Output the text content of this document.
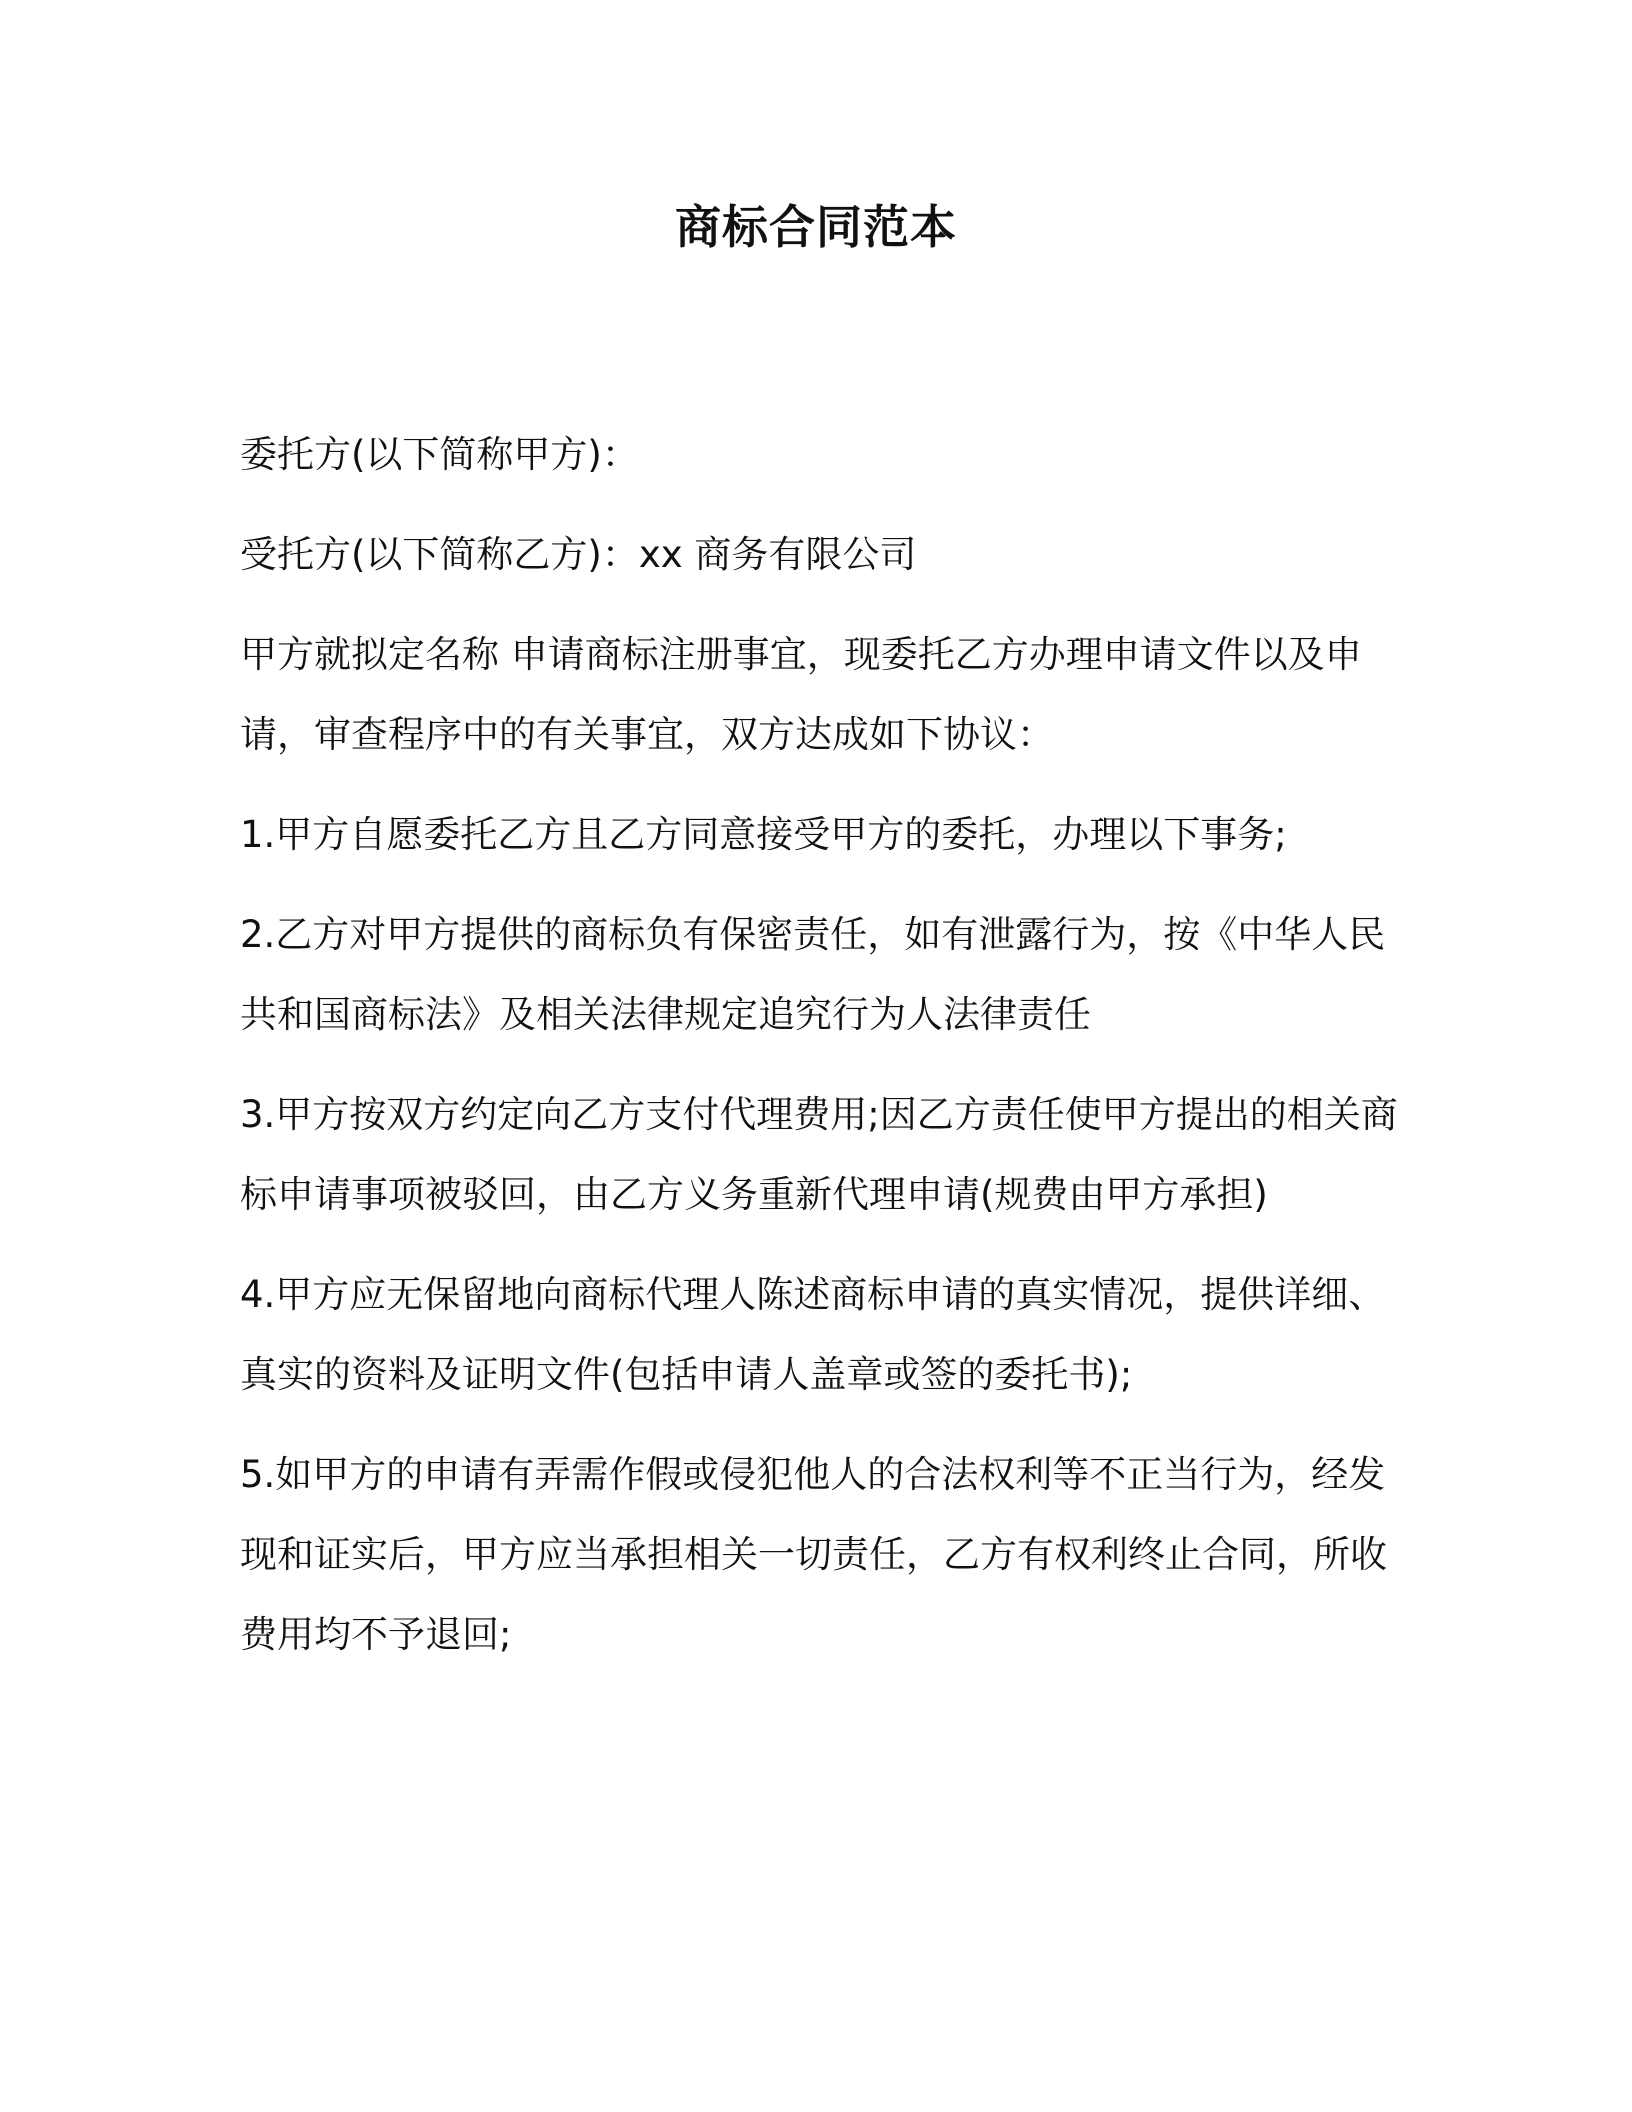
商标合同范本

委托方(以下简称甲方)：

受托方(以下简称乙方)：xx 商务有限公司

甲方就拟定名称 申请商标注册事宜，现委托乙方办理申请文件以及申请，审查程序中的有关事宜，双方达成如下协议：

1.甲方自愿委托乙方且乙方同意接受甲方的委托，办理以下事务;

2.乙方对甲方提供的商标负有保密责任，如有泄露行为，按《中华人民共和国商标法》及相关法律规定追究行为人法律责任

3.甲方按双方约定向乙方支付代理费用;因乙方责任使甲方提出的相关商标申请事项被驳回，由乙方义务重新代理申请(规费由甲方承担)

4.甲方应无保留地向商标代理人陈述商标申请的真实情况，提供详细、真实的资料及证明文件(包括申请人盖章或签的委托书);

5.如甲方的申请有弄需作假或侵犯他人的合法权利等不正当行为，经发现和证实后，甲方应当承担相关一切责任，乙方有权利终止合同，所收费用均不予退回;
